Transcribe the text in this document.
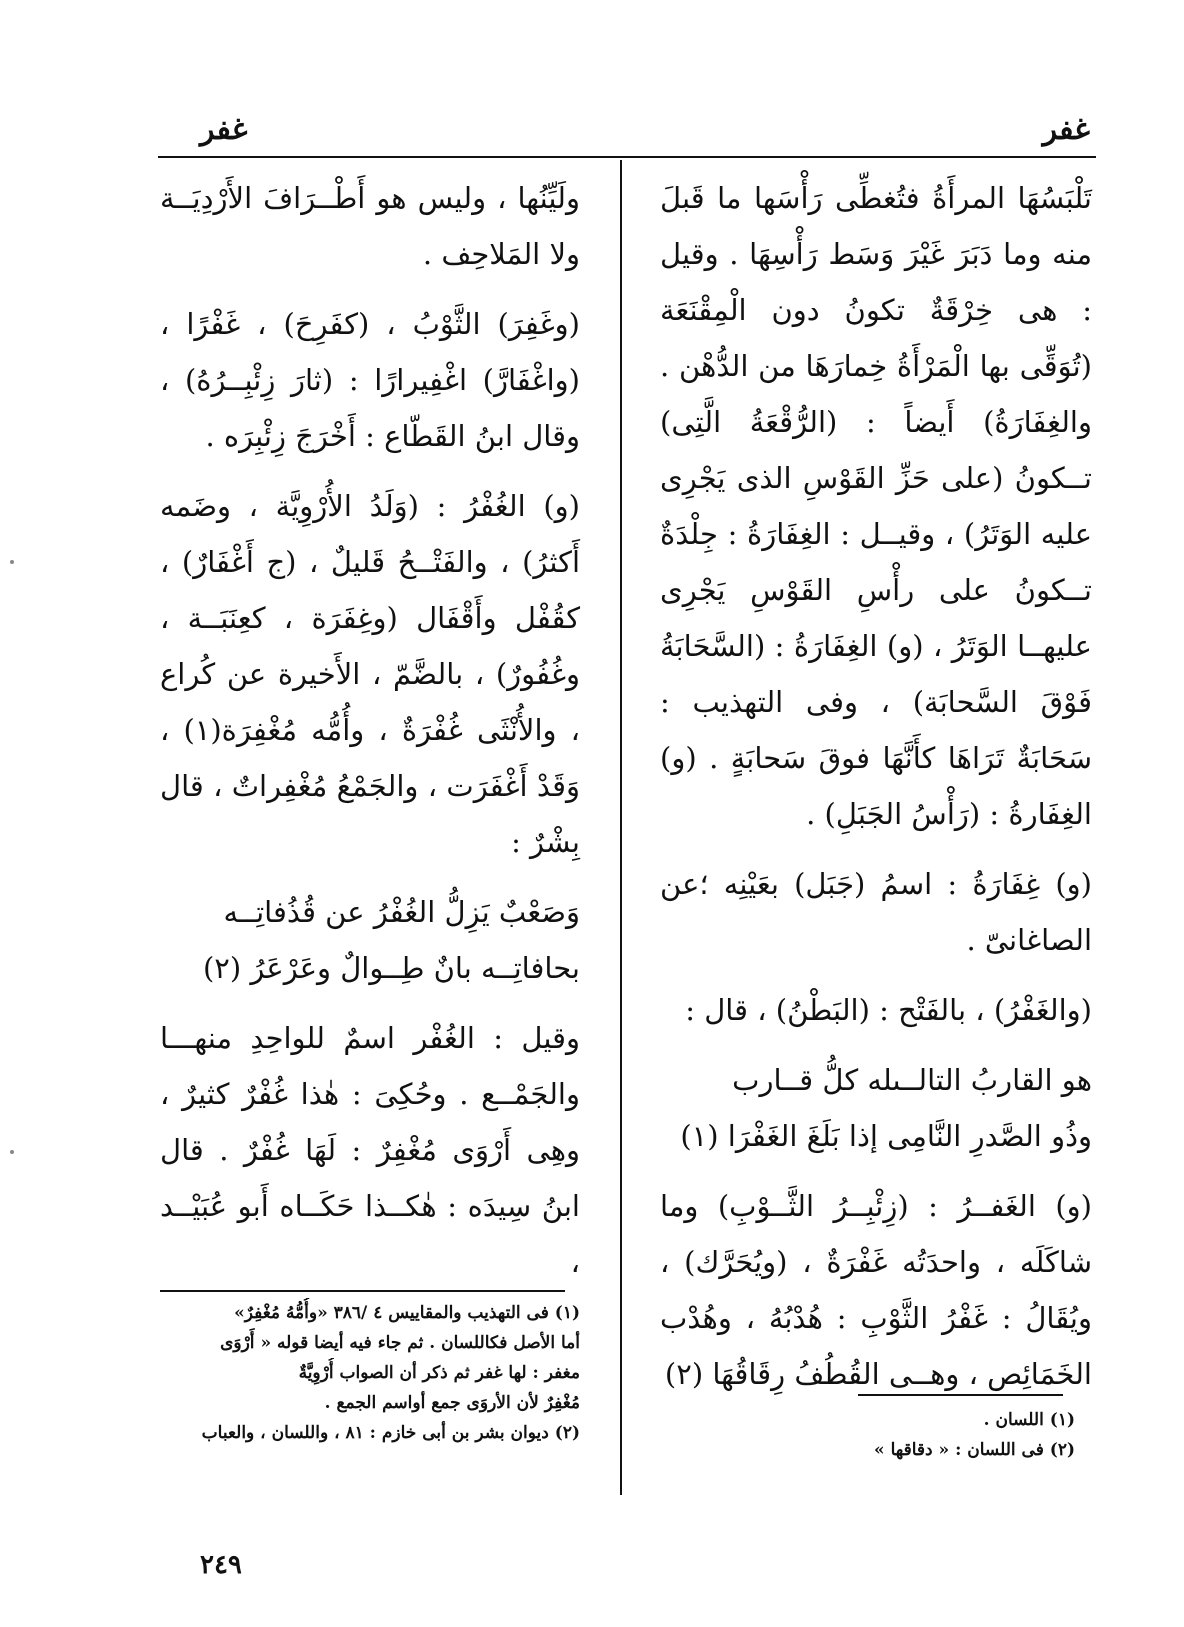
غفر
غفر

تَلْبَسُهَا المرأَةُ فتُغطِّى رَأْسَها ما قَبلَ منه وما دَبَرَ غَيْرَ وَسَط رَأْسِهَا . وقيل : هى خِرْقَةٌ تكونُ دون الْمِقْنَعَة (تُوَقِّى بها الْمَرْأَةُ خِمارَهَا من الدُّهْن . والغِفَارَةُ) أَيضاً : (الرُّقْعَةُ الَّتِى) تــكونُ (على حَزِّ القَوْسِ الذى يَجْرِى عليه الوَتَرُ) ، وقيــل : الغِفَارَةُ : جِلْدَةٌ تــكونُ على رأْسِ القَوْسِ يَجْرِى عليهــا الوَتَرُ ، (و) الغِفَارَةُ : (السَّحَابَةُ فَوْقَ السَّحابَة) ، وفى التهذيب : سَحَابَةٌ تَرَاهَا كأَنَّهَا فوقَ سَحابَةٍ . (و) الغِفَارةُ : (رَأْسُ الجَبَلِ) .

(و) غِفَارَةُ : اسمُ (جَبَل) بعَيْنِه ؛عن الصاغانىّ .

(والغَفْرُ) ، بالفَتْح : (البَطْنُ) ، قال :

هو القاربُ التالــىله كلُّ قــارب
وذُو الصَّدرِ النَّامِى إذا بَلَغَ الغَفْرَا (١)

(و) الغَفــرُ : (زِئْبِــرُ الثَّــوْبِ) وما شاكَلَه ، واحدَتُه غَفْرَةٌ ، (ويُحَرَّك) ، ويُقَالُ : غَفْرُ الثَّوْبِ : هُدْبُهُ ، وهُدْب الخَمَائِص ، وهــى القُطُفُ رِقَاقُهَا (٢)

ولَيِّنُها ، وليس هو أَطْــرَافَ الأَرْدِيَــة ولا المَلاحِف .

(وغَفِرَ) الثَّوْبُ ، (كفَرِحَ) ، غَفْرًا ، (واغْفَارَّ) اغْفِيرارًا : (ثارَ زِئْبِــرُهُ) ، وقال ابنُ القَطّاع : أَخْرَجَ زِئْبِرَه .

(و) الغُفْرُ : (وَلَدُ الأُرْوِيَّة ، وضَمه أَكثرُ) ، والفَتْــحُ قَليلٌ ، (ج أَغْفَارٌ) ، كقُفْل وأَقْفَال (وغِفَرَة ، كعِنَبَــة ، وغُفُورٌ) ، بالضَّمّ ، الأَخيرة عن كُراع ، والأُنْثَى غُفْرَةٌ ، وأُمُّه مُغْفِرَة(١) ، وَقَدْ أَغْفَرَت ، والجَمْعُ مُغْفِراتٌ ، قال بِشْرٌ :

وَصَعْبٌ يَزِلُّ الغُفْرُ عن قُذُفاتِــه
بحافاتِــه بانٌ طِــوالٌ وعَرْعَرُ (٢)

وقيل : الغُفْر اسمٌ للواحِدِ منهـــا والجَمْــع . وحُكِىَ : هٰذا غُفْرٌ كثيرٌ ، وهِى أَرْوَى مُغْفِرٌ : لَهَا غُفْرٌ . قال ابنُ سِيدَه : هٰكــذا حَكَــاه أَبو عُبَيْــد ،

(١) فى التهذيب والمقاييس ٤ /٣٨٦ «وأُمُّهُ مُغْفِرٌ»
أما الأصل فكاللسان . ثم جاء فيه أيضا قوله « أَرْوَى
مغفر : لها غفر ثم ذكر أن الصواب أُرْوِيَّةٌ
مُغْفِرٌ لأن الأروَى جمع أواسم الجمع .
(٢) ديوان بشر بن أبى خازم : ٨١ ، واللسان ، والعباب
(١) اللسان .
(٢) فى اللسان : « دقاقها »
٢٤٩
